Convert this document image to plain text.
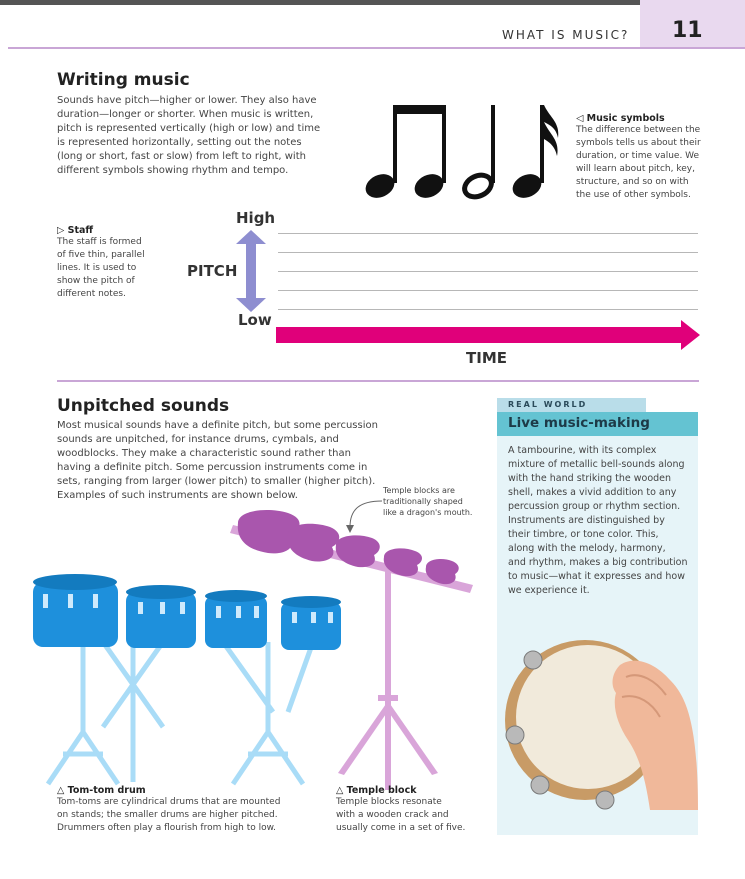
WHAT IS MUSIC? 11
Writing music
Sounds have pitch—higher or lower. They also have
duration—longer or shorter. When music is written,
pitch is represented vertically (high or low) and time
is represented horizontally, setting out the notes
(long or short, fast or slow) from left to right, with
different symbols showing rhythm and tempo.
◁ Music symbols
The difference between the
symbols tells us about their
duration, or time value. We
will learn about pitch, key,
structure, and so on with
the use of other symbols.
▷ Staff
The staff is formed
of five thin, parallel
lines. It is used to
show the pitch of
different notes.
High
Low
PITCH
TIME
Unpitched sounds
Most musical sounds have a definite pitch, but some percussion
sounds are unpitched, for instance drums, cymbals, and
woodblocks. They make a characteristic sound rather than
having a definite pitch. Some percussion instruments come in
sets, ranging from larger (lower pitch) to smaller (higher pitch).
Examples of such instruments are shown below.	Temple blocks are
traditionally shaped
like a dragon's mouth.
△ Tom-tom drum
Tom-toms are cylindrical drums that are mounted
on stands; the smaller drums are higher pitched.
Drummers often play a flourish from high to low.
△ Temple block
Temple blocks resonate
with a wooden crack and
usually come in a set of five.
REAL WORLD
Live music-making
A tambourine, with its complex
mixture of metallic bell-sounds along
with the hand striking the wooden
shell, makes a vivid addition to any
percussion group or rhythm section.
Instruments are distinguished by
their timbre, or tone color. This,
along with the melody, harmony,
and rhythm, makes a big contribution
to music—what it expresses and how
we experience it.
